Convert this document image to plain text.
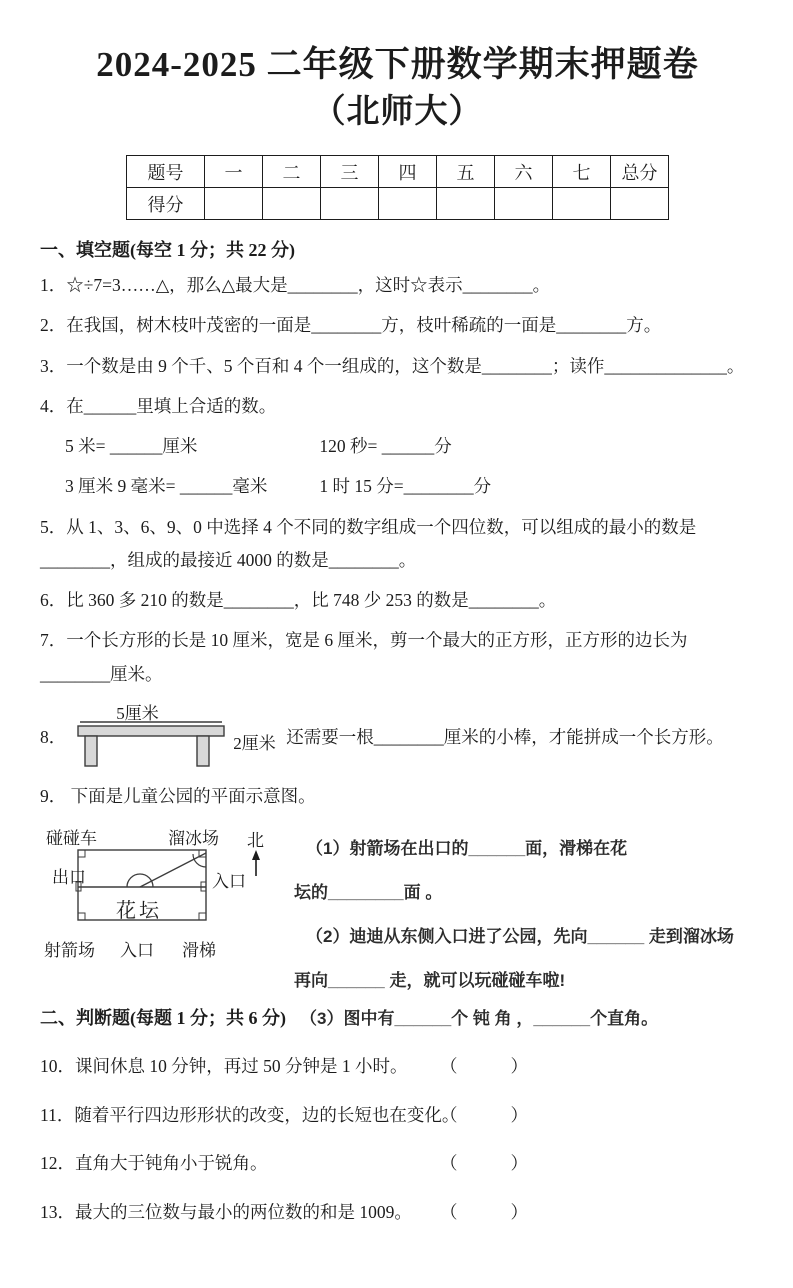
2024-2025 二年级下册数学期末押题卷
（北师大）
题号	一	二	三	四	五	六	七	总分
得分								
一、填空题(每空 1 分；共 22 分)
1．☆÷7=3……△，那么△最大是________，这时☆表示________。
2．在我国，树木枝叶茂密的一面是________方，枝叶稀疏的一面是________方。
3．一个数是由 9 个千、5 个百和 4 个一组成的，这个数是________；读作______________。
4．在______里填上合适的数。
5 米= ______厘米	120 秒= ______分
3 厘米 9 毫米= ______毫米	1 时 15 分=________分
5．从 1、3、6、9、0 中选择 4 个不同的数字组成一个四位数，可以组成的最小的数是________，组成的最接近 4000 的数是________。
6．比 360 多 210 的数是________，比 748 少 253 的数是________。
7．一个长方形的长是 10 厘米，宽是 6 厘米，剪一个最大的正方形，正方形的边长为 ________厘米。
8．
5厘米
2厘米 还需要一根________厘米的小棒，才能拼成一个长方形。
9． 下面是儿童公园的平面示意图。
碰碰车	溜冰场 北
出口	入口
花坛
射箭场 入口 滑梯
（1）射箭场在出口的______面，滑梯在花
坛的________面 。
（2）迪迪从东侧入口进了公园，先向______ 走到溜冰场
再向______ 走，就可以玩碰碰车啦!
二、判断题(每题 1 分；共 6 分) （3）图中有______个 钝 角 ，______个直角。
10．课间休息 10 分钟，再过 50 分钟是 1 小时。 （　　）
11．随着平行四边形形状的改变，边的长短也在变化。
（　　）
12．直角大于钝角小于锐角。	（　　）
13．最大的三位数与最小的两位数的和是 1009。 （　　）
